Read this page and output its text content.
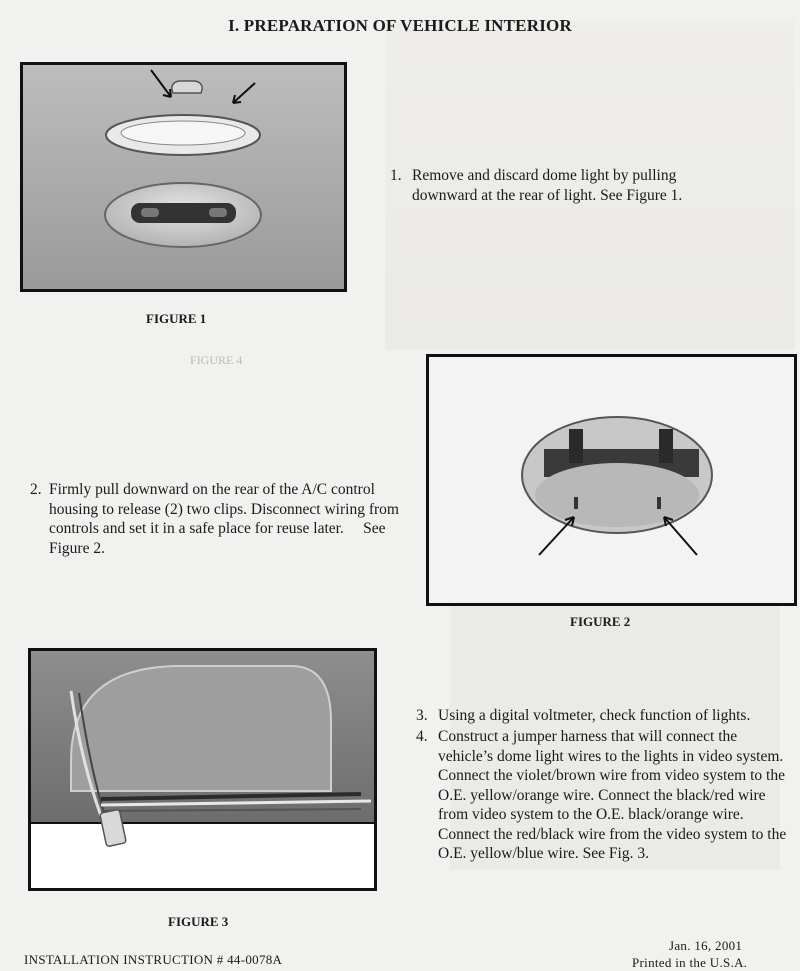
I. PREPARATION OF VEHICLE INTERIOR
FIGURE 1
FIGURE 4
1. Remove and discard dome light by pulling downward at the rear of light. See Figure 1.
FIGURE 2
2. Firmly pull downward on the rear of the A/C control housing to release (2) two clips. Disconnect wiring from controls and set it in a safe place for reuse later.     See Figure 2.
FIGURE 3
3. Using a digital voltmeter, check function of lights.
4. Construct a jumper harness that will connect the vehicle’s dome light wires to the lights in video system. Connect the violet/brown wire from video system to the O.E. yellow/orange wire. Connect the black/red wire from video system to the O.E. black/orange wire. Connect the red/black wire from the video system to the O.E. yellow/blue wire. See Fig. 3.
INSTALLATION INSTRUCTION # 44-0078A
Jan. 16, 2001
Printed in the U.S.A.
